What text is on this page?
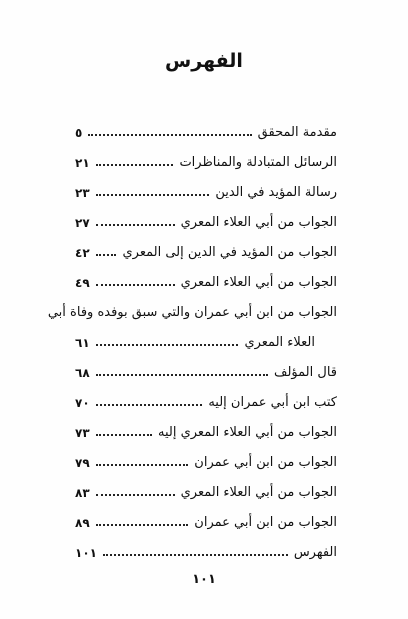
الفهرس
مقدمة المحقق
٥
الرسائل المتبادلة والمناظرات
٢١
رسالة المؤيد في الدين
٢٣
الجواب من أبي العلاء المعري
٢٧
الجواب من المؤيد في الدين إلى المعري
٤٢
الجواب من أبي العلاء المعري
٤٩
الجواب من ابن أبي عمران والتي سبق بوفده وفاة أبي
العلاء المعري
٦١
قال المؤلف
٦٨
كتب ابن أبي عمران إليه
٧٠
الجواب من أبي العلاء المعري إليه
٧٣
الجواب من ابن أبي عمران
٧٩
الجواب من أبي العلاء المعري
٨٣
الجواب من ابن أبي عمران
٨٩
الفهرس
١٠١
١٠١
